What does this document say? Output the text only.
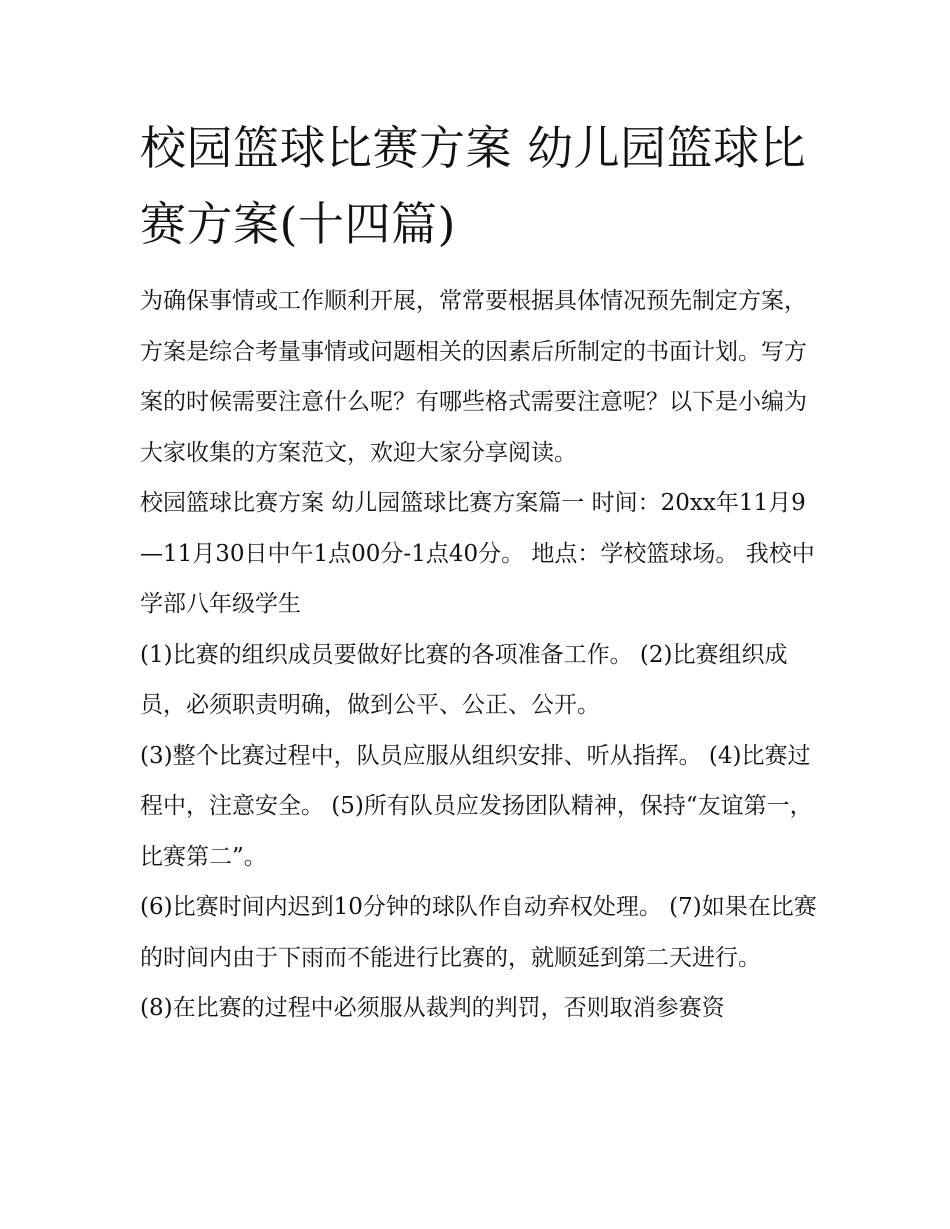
校园篮球比赛方案 幼儿园篮球比赛方案(十四篇)

为确保事情或工作顺利开展，常常要根据具体情况预先制定方案，方案是综合考量事情或问题相关的因素后所制定的书面计划。写方案的时候需要注意什么呢？有哪些格式需要注意呢？以下是小编为大家收集的方案范文，欢迎大家分享阅读。

校园篮球比赛方案 幼儿园篮球比赛方案篇一 时间：20xx年11月9—11月30日中午1点00分-1点40分。 地点：学校篮球场。 我校中学部八年级学生

(1)比赛的组织成员要做好比赛的各项准备工作。 (2)比赛组织成员，必须职责明确，做到公平、公正、公开。

(3)整个比赛过程中，队员应服从组织安排、听从指挥。 (4)比赛过程中，注意安全。 (5)所有队员应发扬团队精神，保持“友谊第一，比赛第二”。

(6)比赛时间内迟到10分钟的球队作自动弃权处理。 (7)如果在比赛的时间内由于下雨而不能进行比赛的，就顺延到第二天进行。

(8)在比赛的过程中必须服从裁判的判罚，否则取消参赛资
